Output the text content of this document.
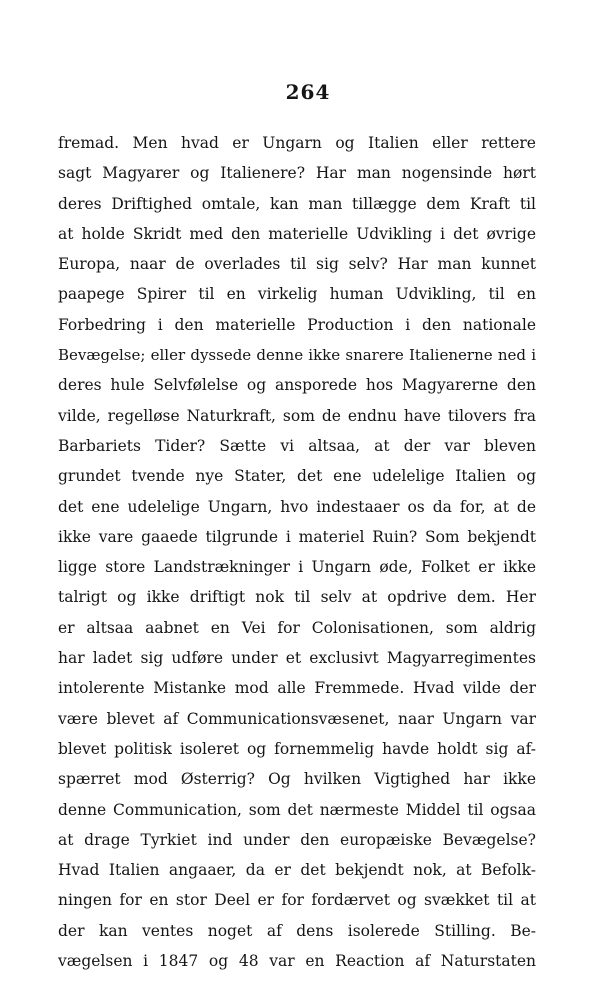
264
fremad. Men hvad er Ungarn og Italien eller rettere
sagt Magyarer og Italienere? Har man nogensinde hørt
deres Driftighed omtale, kan man tillægge dem Kraft til
at holde Skridt med den materielle Udvikling i det øvrige
Europa, naar de overlades til sig selv? Har man kunnet
paapege Spirer til en virkelig human Udvikling, til en
Forbedring i den materielle Production i den nationale
Bevægelse; eller dyssede denne ikke snarere Italienerne ned i
deres hule Selvfølelse og ansporede hos Magyarerne den
vilde, regelløse Naturkraft, som de endnu have tilovers fra
Barbariets Tider? Sætte vi altsaa, at der var bleven
grundet tvende nye Stater, det ene udelelige Italien og
det ene udelelige Ungarn, hvo indestaaer os da for, at de
ikke vare gaaede tilgrunde i materiel Ruin? Som bekjendt
ligge store Landstrækninger i Ungarn øde, Folket er ikke
talrigt og ikke driftigt nok til selv at opdrive dem. Her
er altsaa aabnet en Vei for Colonisationen, som aldrig
har ladet sig udføre under et exclusivt Magyarregimentes
intolerente Mistanke mod alle Fremmede. Hvad vilde der
være blevet af Communicationsvæsenet, naar Ungarn var
blevet politisk isoleret og fornemmelig havde holdt sig af-
spærret mod Østerrig? Og hvilken Vigtighed har ikke
denne Communication, som det nærmeste Middel til ogsaa
at drage Tyrkiet ind under den europæiske Bevægelse?
Hvad Italien angaaer, da er det bekjendt nok, at Befolk-
ningen for en stor Deel er for fordærvet og svækket til at
der kan ventes noget af dens isolerede Stilling. Be-
vægelsen i 1847 og 48 var en Reaction af Naturstaten
